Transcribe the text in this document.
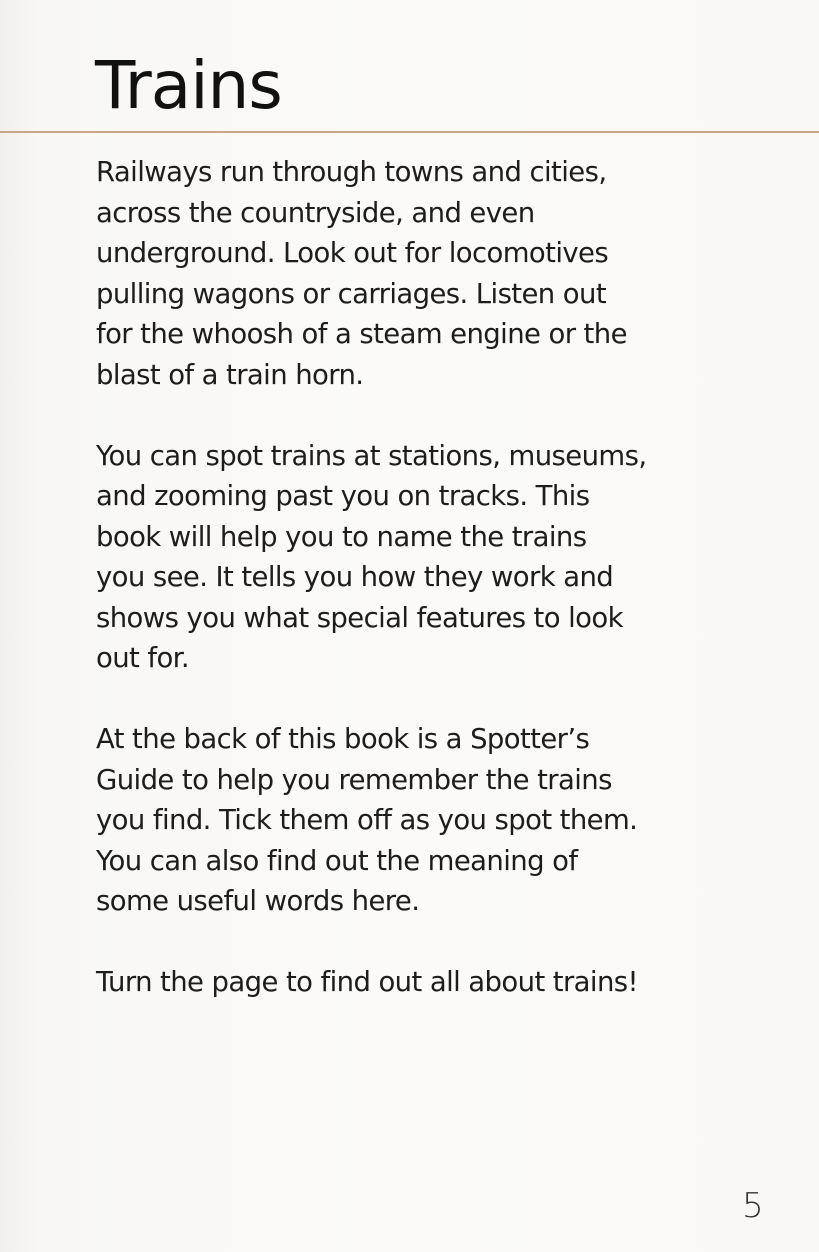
Trains

Railways run through towns and cities,
across the countryside, and even
underground. Look out for locomotives
pulling wagons or carriages. Listen out
for the whoosh of a steam engine or the
blast of a train horn.

You can spot trains at stations, museums,
and zooming past you on tracks. This
book will help you to name the trains
you see. It tells you how they work and
shows you what special features to look
out for.

At the back of this book is a Spotter’s
Guide to help you remember the trains
you find. Tick them off as you spot them.
You can also find out the meaning of
some useful words here.

Turn the page to find out all about trains!

5
